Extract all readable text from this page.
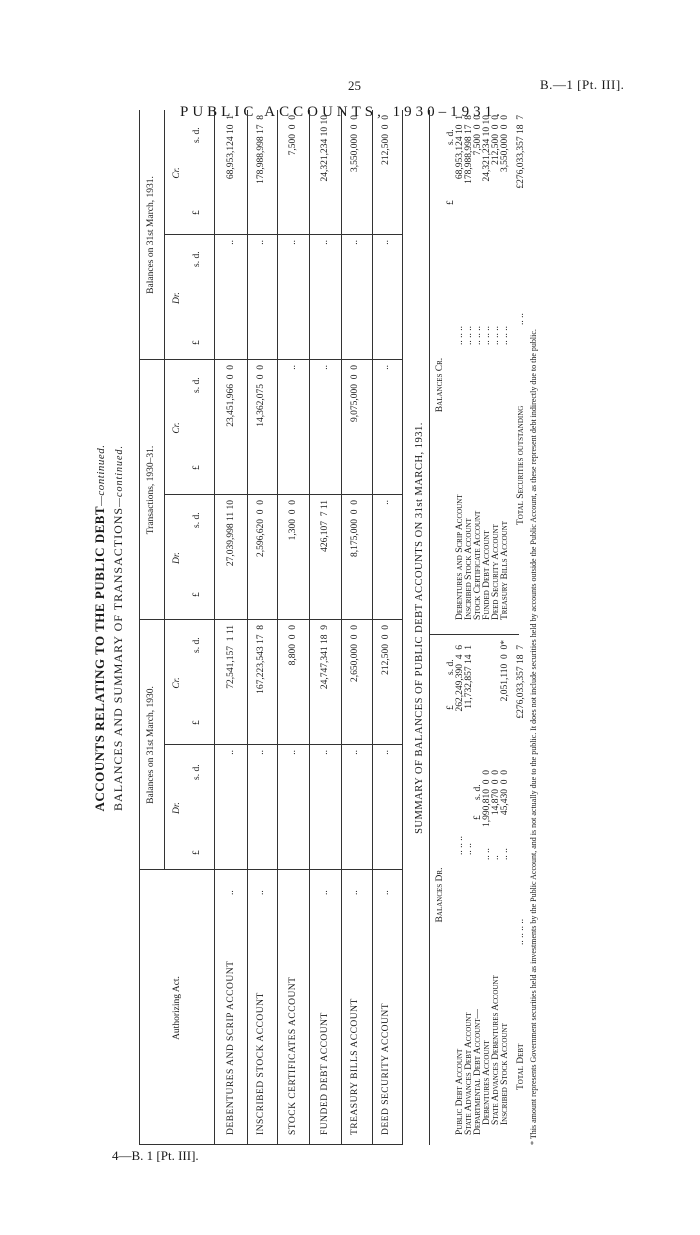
25	B.—1 [Pt. III].
PUBLIC ACCOUNTS, 1930–1931.
4—B. 1 [Pt. III].
ACCOUNTS RELATING TO THE PUBLIC DEBT—continued.
BALANCES AND SUMMARY OF TRANSACTIONS—continued.
Authorizing Act.
Balances on 31st March, 1930.
Transactions, 1930–31.
Balances on 31st March, 1931.
Dr.
Cr.
Dr.
Cr.
Dr.
Cr.
£
s. d.
£
s. d.
£
s. d.
£
s. d.
£
s. d.
£
s. d.
DEBENTURES AND SCRIP ACCOUNT
..
..
72,541,157  1 11
27,039,998 11 10
23,451,966  0  0
..
68,953,124 10  1
INSCRIBED STOCK ACCOUNT
..
..
167,223,543 17  8
2,596,620  0  0
14,362,075  0  0
..
178,988,998 17  8
STOCK CERTIFICATES ACCOUNT
..
8,800  0  0
1,300  0  0
..
..
7,500  0  0
FUNDED DEBT ACCOUNT
..
..
24,747,341 18  9
426,107  7 11
..
..
24,321,234 10 10
TREASURY BILLS ACCOUNT
..
..
2,650,000  0  0
8,175,000  0  0
9,075,000  0  0
..
3,550,000  0  0
DEED SECURITY ACCOUNT
..
..
212,500  0  0
..
..
..
212,500  0  0
SUMMARY OF BALANCES OF PUBLIC DEBT ACCOUNTS ON 31st MARCH, 1931.
Balances Dr.
Balances Cr.
£
s. d.
Public Debt Account
.. .. ..
262,249,390  4  6
State Advances Debt Account
.. ..
11,732,857 14  1
Departmental Debt Account—
£
s. d.
Debentures Account
.. ..
1,990,810  0  0
State Advances Debentures Account
..
14,870  0  0
Inscribed Stock Account
.. ..
45,430  0  0
2,051,110  0  0*
Total Debt
.. .. .. ..
£276,033,357 18  7
£
s. d.
Debentures and Scrip Account
.. .. ..
68,953,124 10  1
Inscribed Stock Account
.. .. ..
178,988,998 17  8
Stock Certificate Account
.. .. ..
7,500  0  0
Funded Debt Account
.. .. ..
24,321,234 10 10
Deed Security Account
.. .. ..
212,500  0  0
Treasury Bills Account
.. .. ..
3,550,000  0  0
Total Securities outstanding
.. ..
£276,033,357 18  7
* This amount represents Government securities held as investments by the Public Account, and is not actually due to the public. It does not include securities held by accounts outside the Public Account, as these represent debt indirectly due to the public.
